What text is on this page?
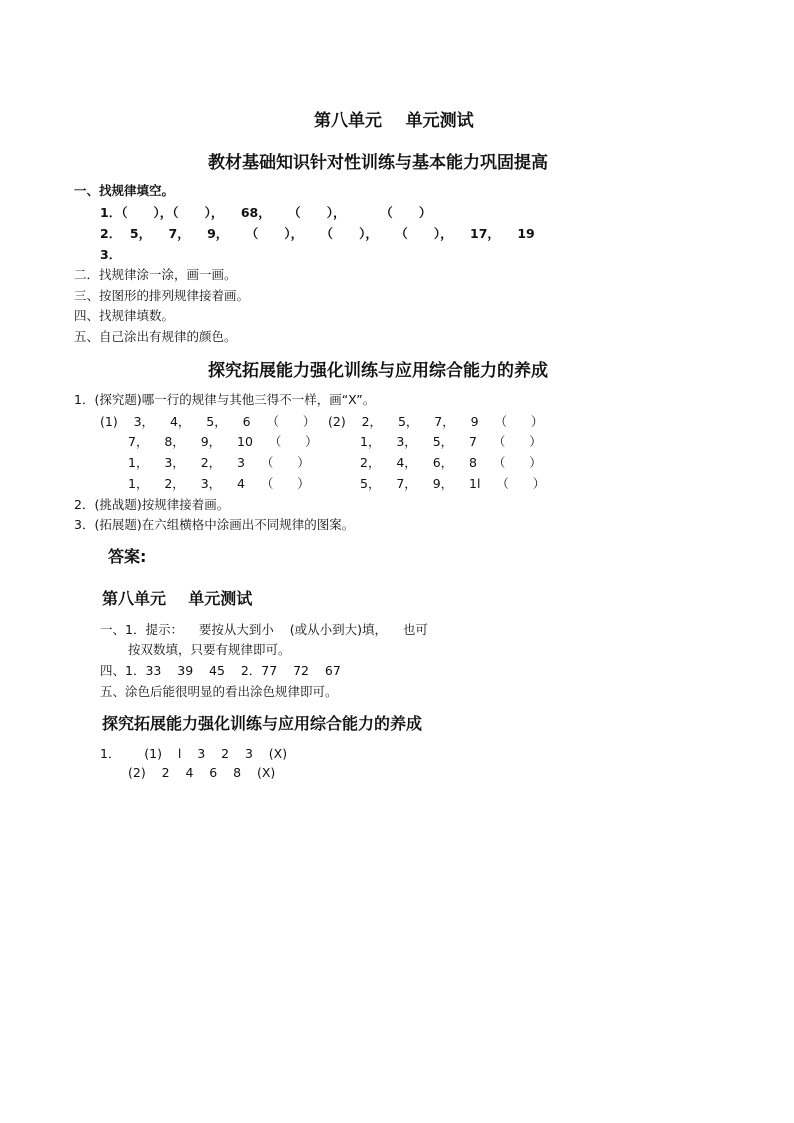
第八单元    单元测试
教材基础知识针对性训练与基本能力巩固提高
一、找规律填空。
1．（      ），（      ），    68，    （      ），        （      ）
2．  5，    7，    9，    （      ），    （      ），    （      ），    17，    19
3．
二．找规律涂一涂，画一画。
三、按图形的排列规律接着画。
四、找规律填数。
五、自己涂出有规律的颜色。
探究拓展能力强化训练与应用综合能力的养成
1．(探究题)哪一行的规律与其他三得不一样，画“X”。
(1)    3，    4，    5，    6    （      ）
7，    8，    9，    10    （      ）
1，    3，    2，    3    （      ）
1，    2，    3，    4    （      ）
(2)    2，    5，    7，    9    （      ）
1，    3，    5，    7    （      ）
2，    4，    6，    8    （      ）
5，    7，    9，    1l    （      ）
2．(挑战题)按规律接着画。
3．(拓展题)在六组横格中涂画出不同规律的图案。
答案:
第八单元    单元测试
一、1．提示：    要按从大到小    (或从小到大)填，    也可
按双数填，只要有规律即可。
四、1．33    39    45    2．77    72    67
五、涂色后能很明显的看出涂色规律即可。
探究拓展能力强化训练与应用综合能力的养成
1．      (1)    l    3    2    3    (X)
(2)    2    4    6    8    (X)
